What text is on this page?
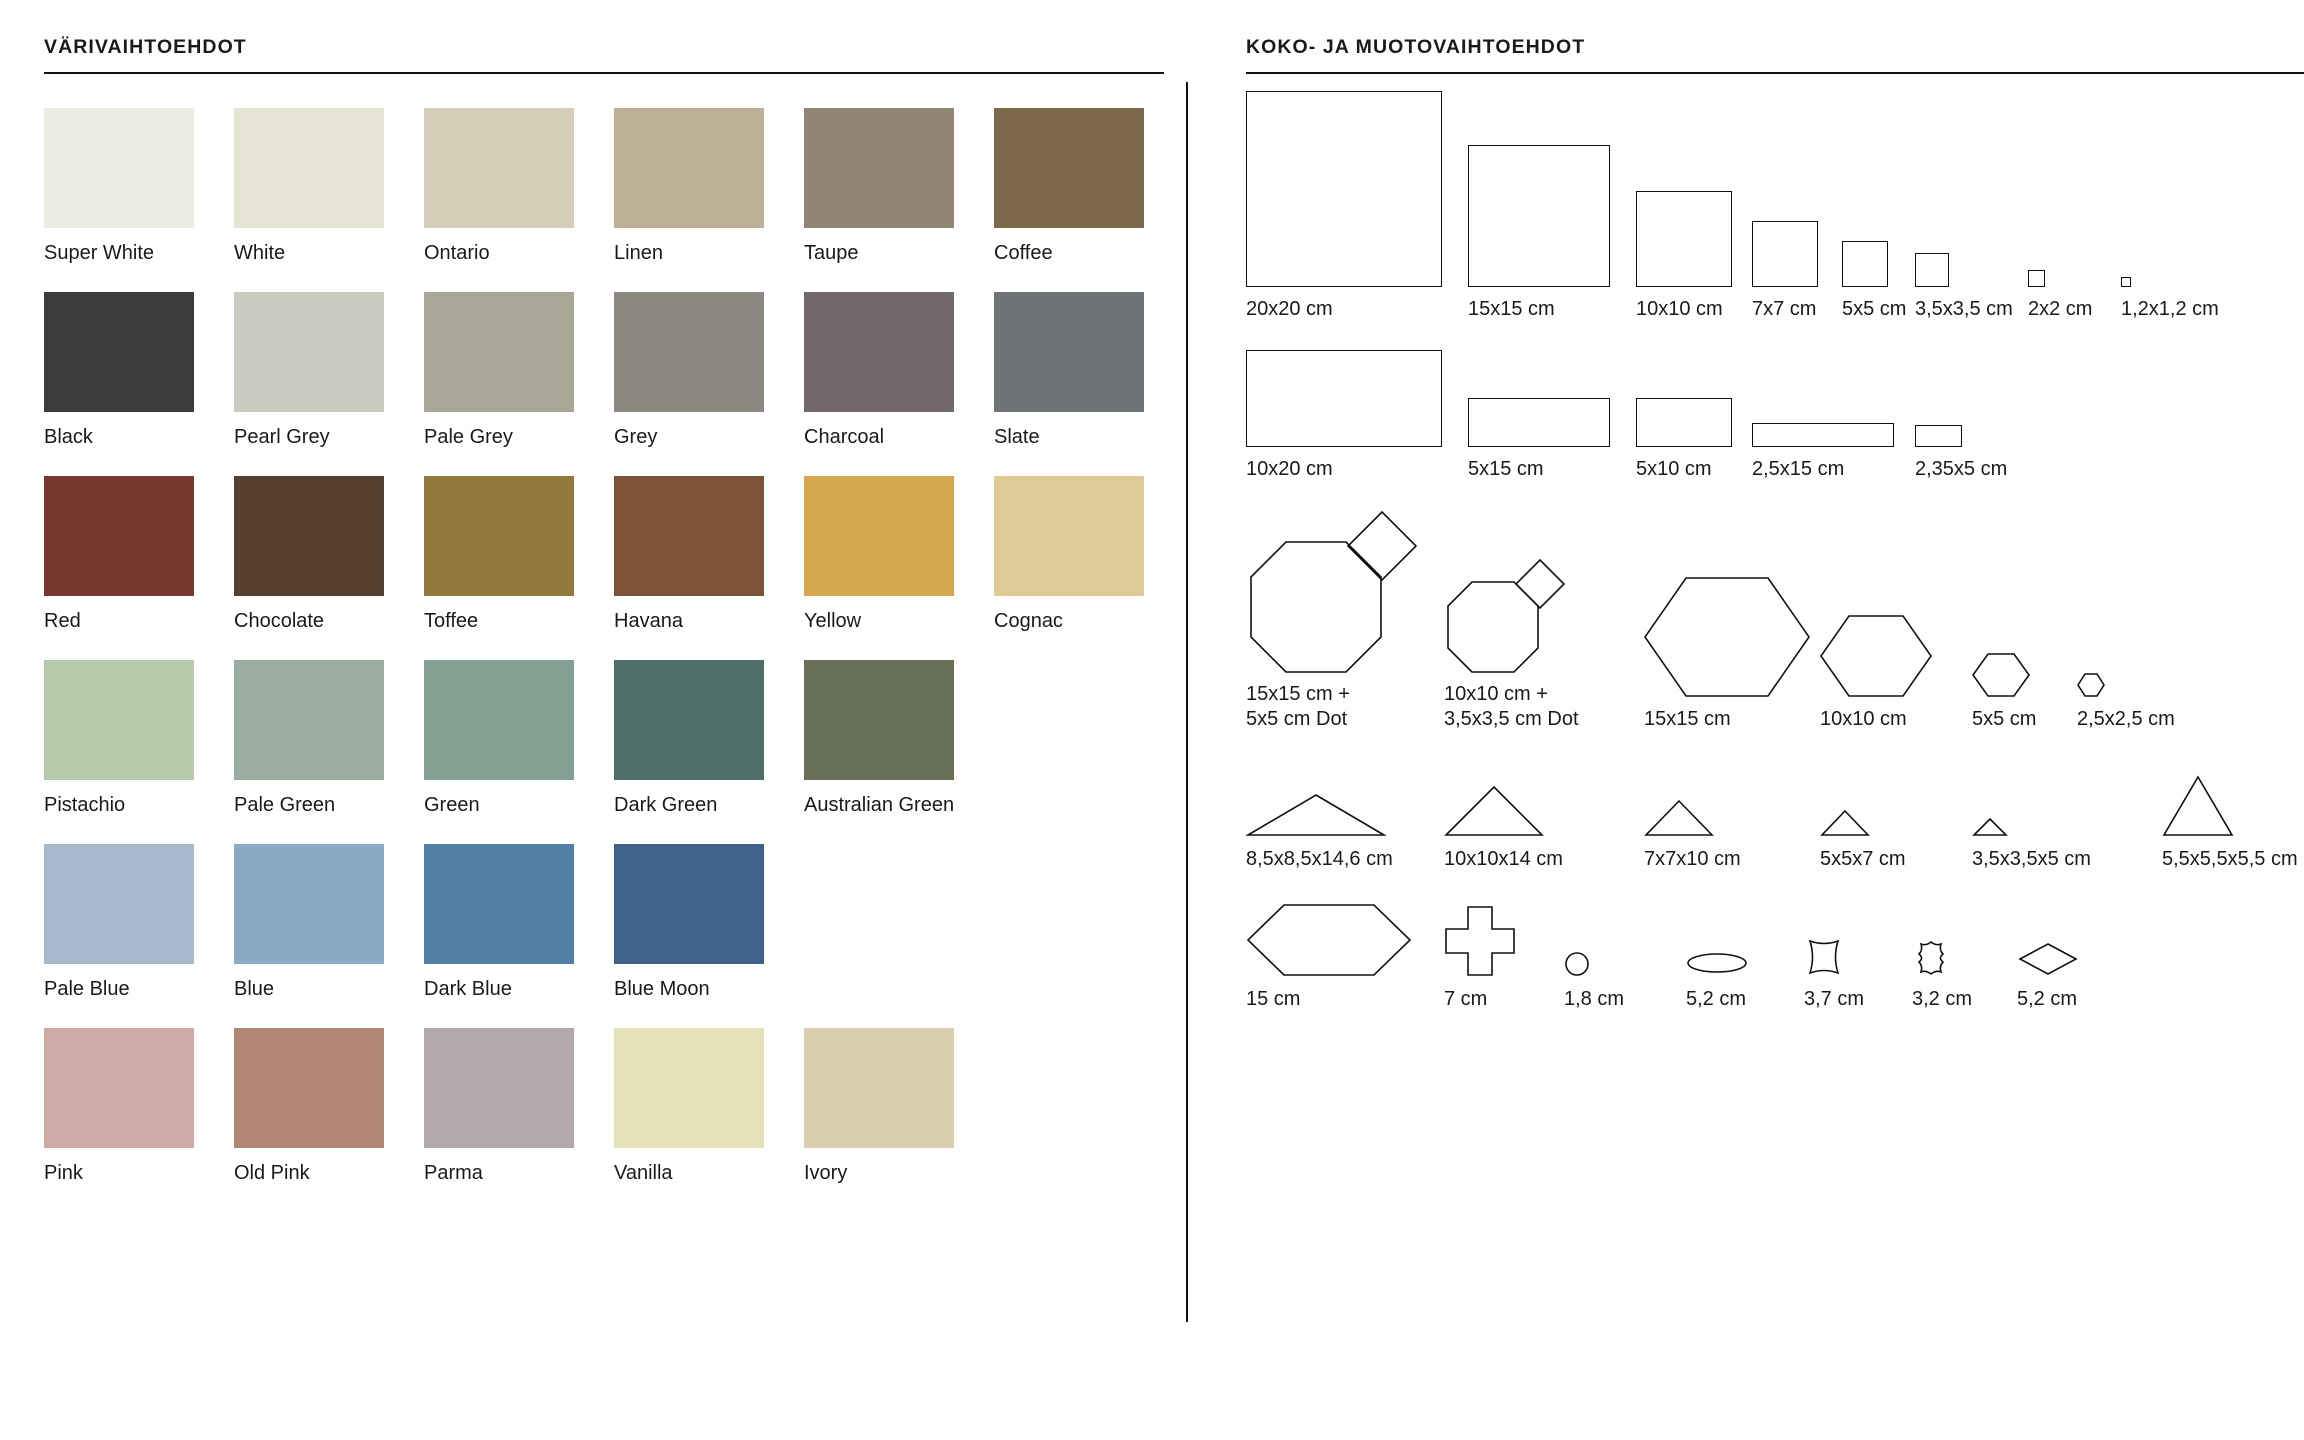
VÄRIVAIHTOEHDOT
Super White	White	Ontario	Linen	Taupe	Coffee
Black	Pearl Grey	Pale Grey	Grey	Charcoal	Slate
Red	Chocolate	Toffee	Havana	Yellow	Cognac
Pistachio	Pale Green	Green	Dark Green	Australian Green
Pale Blue	Blue	Dark Blue	Blue Moon
Pink	Old Pink	Parma	Vanilla	Ivory
KOKO- JA MUOTOVAIHTOEHDOT
20x20 cm	15x15 cm	10x10 cm	7x7 cm	5x5 cm 3,5x3,5 cm 2x2 cm	1,2x1,2 cm
10x20 cm	5x15 cm	5x10 cm	2,5x15 cm	2,35x5 cm
15x15 cm +
5x5 cm Dot
10x10 cm +
3,5x3,5 cm Dot	15x15 cm	10x10 cm	5x5 cm	2,5x2,5 cm
8,5x8,5x14,6 cm	10x10x14 cm	7x7x10 cm	5x5x7 cm	3,5x3,5x5 cm	5,5x5,5x5,5 cm
15 cm	7 cm	1,8 cm	5,2 cm	3,7 cm	3,2 cm	5,2 cm
